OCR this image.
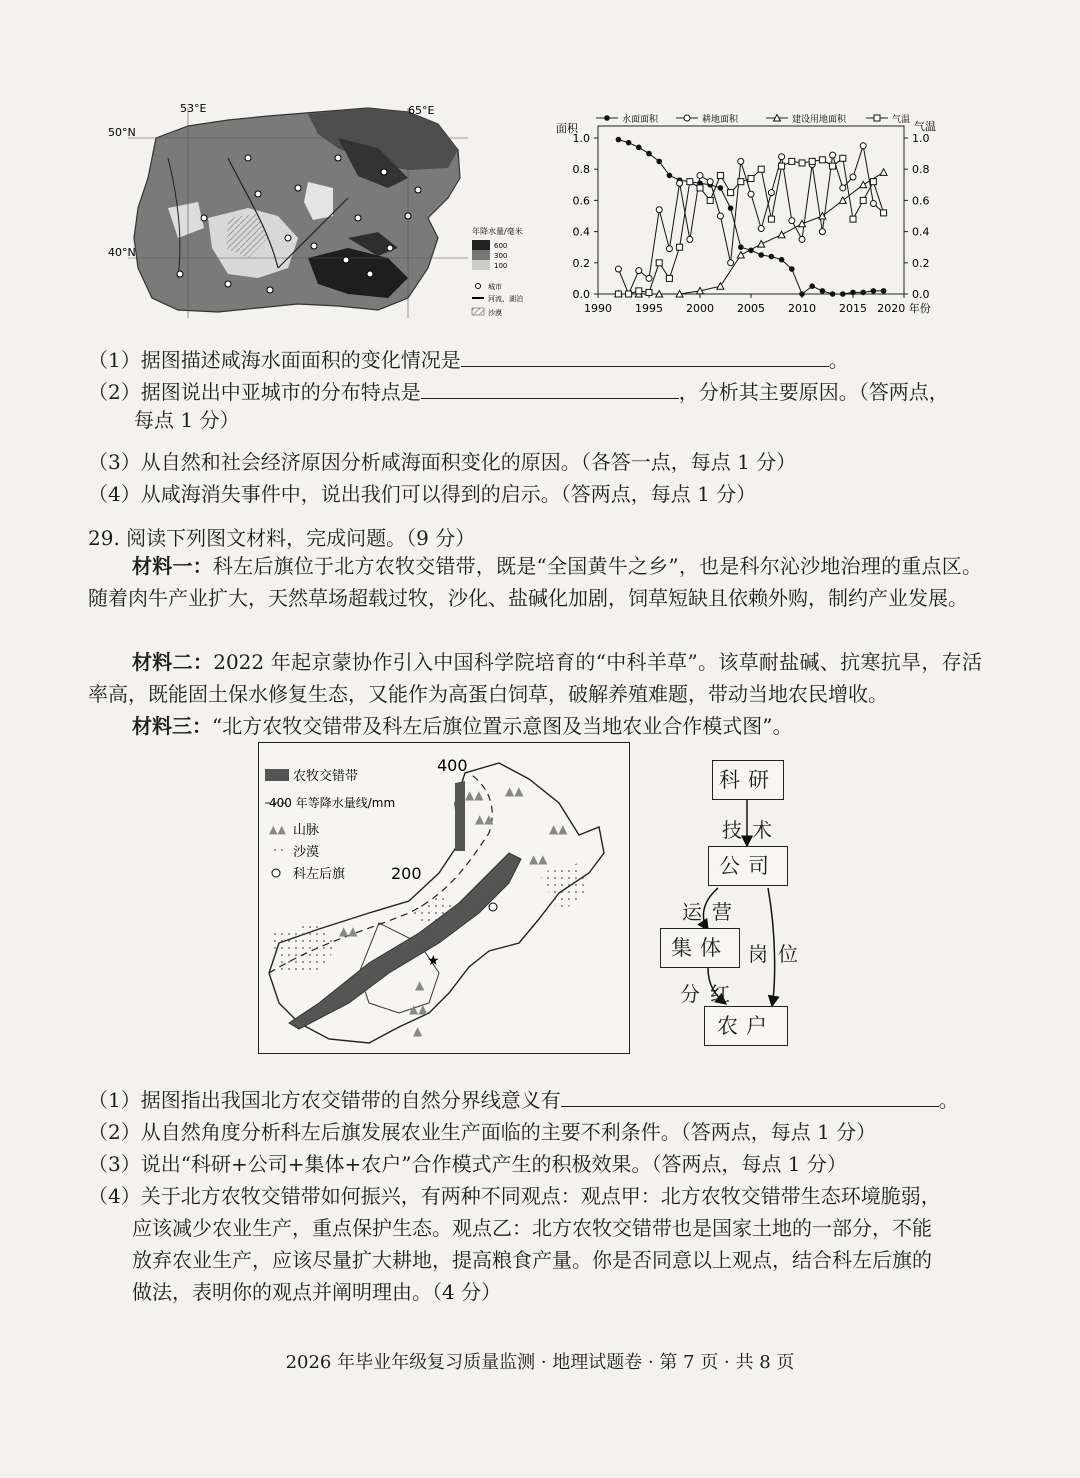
53°E	65°E
50°N
40°N
年降水量/毫米
600
300
100
城市
河流、湖泊
沙漠
1.0
0.8
0.6
0.4
0.2
0.0
1.0
0.8
0.6
0.4
0.2
0.0
1990 1995 2000 2005 2010 2015 2020 年份
面积	气温
水面面积	耕地面积	建设用地面积	气温
（1）据图描述咸海水面面积的变化情况是	。
（2）据图说出中亚城市的分布特点是	，分析其主要原因。（答两点，
每点 1 分）
（3）从自然和社会经济原因分析咸海面积变化的原因。（各答一点，每点 1 分）
（4）从咸海消失事件中，说出我们可以得到的启示。（答两点，每点 1 分）
29. 阅读下列图文材料，完成问题。（9 分）
材料一：科左后旗位于北方农牧交错带，既是“全国黄牛之乡”，也是科尔沁沙地治理的重点区。随着肉牛产业扩大，天然草场超载过牧，沙化、盐碱化加剧，饲草短缺且依赖外购，制约产业发展。
材料二：2022 年起京蒙协作引入中国科学院培育的“中科羊草”。该草耐盐碱、抗寒抗旱，存活率高，既能固土保水修复生态，又能作为高蛋白饲草，破解养殖难题，带动当地农民增收。
材料三：“北方农牧交错带及科左后旗位置示意图及当地农业合作模式图”。
400
200
▲▲
▲▲
▲▲
▲▲
▲▲
▲
▲▲
▲
▲▲
★
农牧交错带
400 年等降水量线/mm
▲▲ 山脉
沙漠
科左后旗
科研
技术
公司
运营
集体 岗位
分红
农户
（1）据图指出我国北方农交错带的自然分界线意义有	。
（2）从自然角度分析科左后旗发展农业生产面临的主要不利条件。（答两点，每点 1 分）
（3）说出“科研+公司+集体+农户”合作模式产生的积极效果。（答两点，每点 1 分）
（4）关于北方农牧交错带如何振兴，有两种不同观点：观点甲：北方农牧交错带生态环境脆弱，
应该减少农业生产，重点保护生态。观点乙：北方农牧交错带也是国家土地的一部分，不能
放弃农业生产，应该尽量扩大耕地，提高粮食产量。你是否同意以上观点，结合科左后旗的
做法，表明你的观点并阐明理由。（4 分）
2026 年毕业年级复习质量监测 · 地理试题卷 · 第 7 页 · 共 8 页
